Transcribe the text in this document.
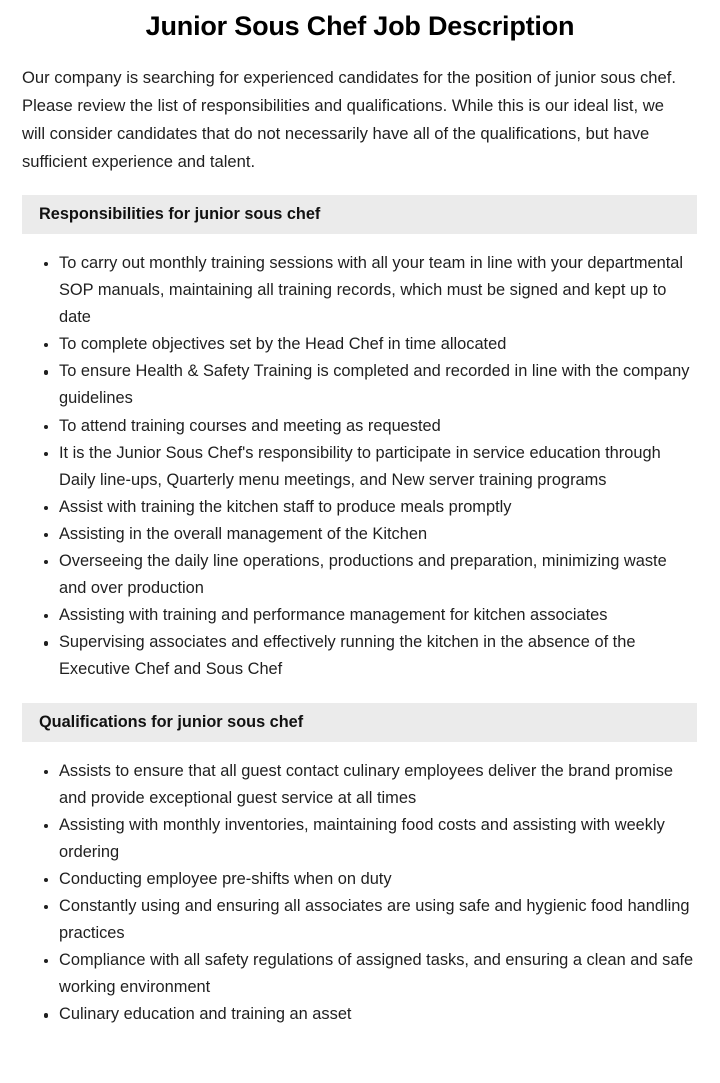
Junior Sous Chef Job Description

Our company is searching for experienced candidates for the position of junior sous chef. Please review the list of responsibilities and qualifications. While this is our ideal list, we will consider candidates that do not necessarily have all of the qualifications, but have sufficient experience and talent.

Responsibilities for junior sous chef
To carry out monthly training sessions with all your team in line with your departmental SOP manuals, maintaining all training records, which must be signed and kept up to date
To complete objectives set by the Head Chef in time allocated
To ensure Health & Safety Training is completed and recorded in line with the company guidelines
To attend training courses and meeting as requested
It is the Junior Sous Chef's responsibility to participate in service education through Daily line-ups, Quarterly menu meetings, and New server training programs
Assist with training the kitchen staff to produce meals promptly
Assisting in the overall management of the Kitchen
Overseeing the daily line operations, productions and preparation, minimizing waste and over production
Assisting with training and performance management for kitchen associates
Supervising associates and effectively running the kitchen in the absence of the Executive Chef and Sous Chef
Qualifications for junior sous chef
Assists to ensure that all guest contact culinary employees deliver the brand promise and provide exceptional guest service at all times
Assisting with monthly inventories, maintaining food costs and assisting with weekly ordering
Conducting employee pre-shifts when on duty
Constantly using and ensuring all associates are using safe and hygienic food handling practices
Compliance with all safety regulations of assigned tasks, and ensuring a clean and safe working environment
Culinary education and training an asset
